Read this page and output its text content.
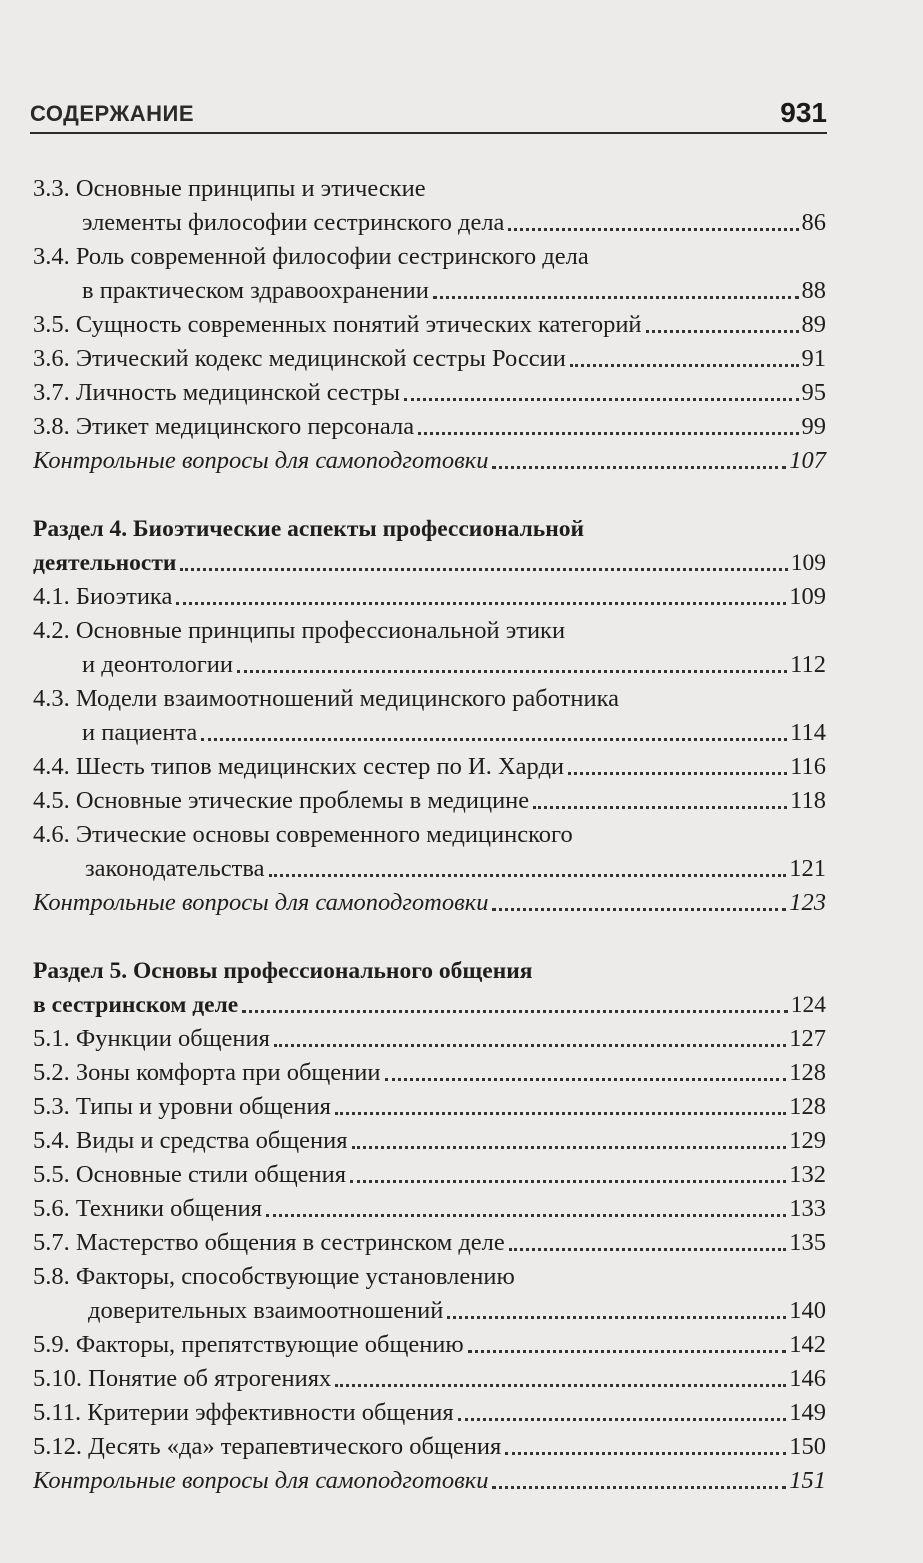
СОДЕРЖАНИЕ	931
3.3. Основные принципы и этические
элементы философии сестринского дела	86
3.4. Роль современной философии сестринского дела
в практическом здравоохранении	88
3.5. Сущность современных понятий этических категорий	89
3.6. Этический кодекс медицинской сестры России	91
3.7. Личность медицинской сестры	95
3.8. Этикет медицинского персонала	99
Контрольные вопросы для самоподготовки	107
Раздел 4. Биоэтические аспекты профессиональной
деятельности	109
4.1. Биоэтика	109
4.2. Основные принципы профессиональной этики
и деонтологии	112
4.3. Модели взаимоотношений медицинского работника
и пациента	114
4.4. Шесть типов медицинских сестер по И. Харди	116
4.5. Основные этические проблемы в медицине	118
4.6. Этические основы современного медицинского
законодательства	121
Контрольные вопросы для самоподготовки	123
Раздел 5. Основы профессионального общения
в сестринском деле	124
5.1. Функции общения	127
5.2. Зоны комфорта при общении	128
5.3. Типы и уровни общения	128
5.4. Виды и средства общения	129
5.5. Основные стили общения	132
5.6. Техники общения	133
5.7. Мастерство общения в сестринском деле	135
5.8. Факторы, способствующие установлению
доверительных взаимоотношений	140
5.9. Факторы, препятствующие общению	142
5.10. Понятие об ятрогениях	146
5.11. Критерии эффективности общения	149
5.12. Десять «да» терапевтического общения	150
Контрольные вопросы для самоподготовки	151
